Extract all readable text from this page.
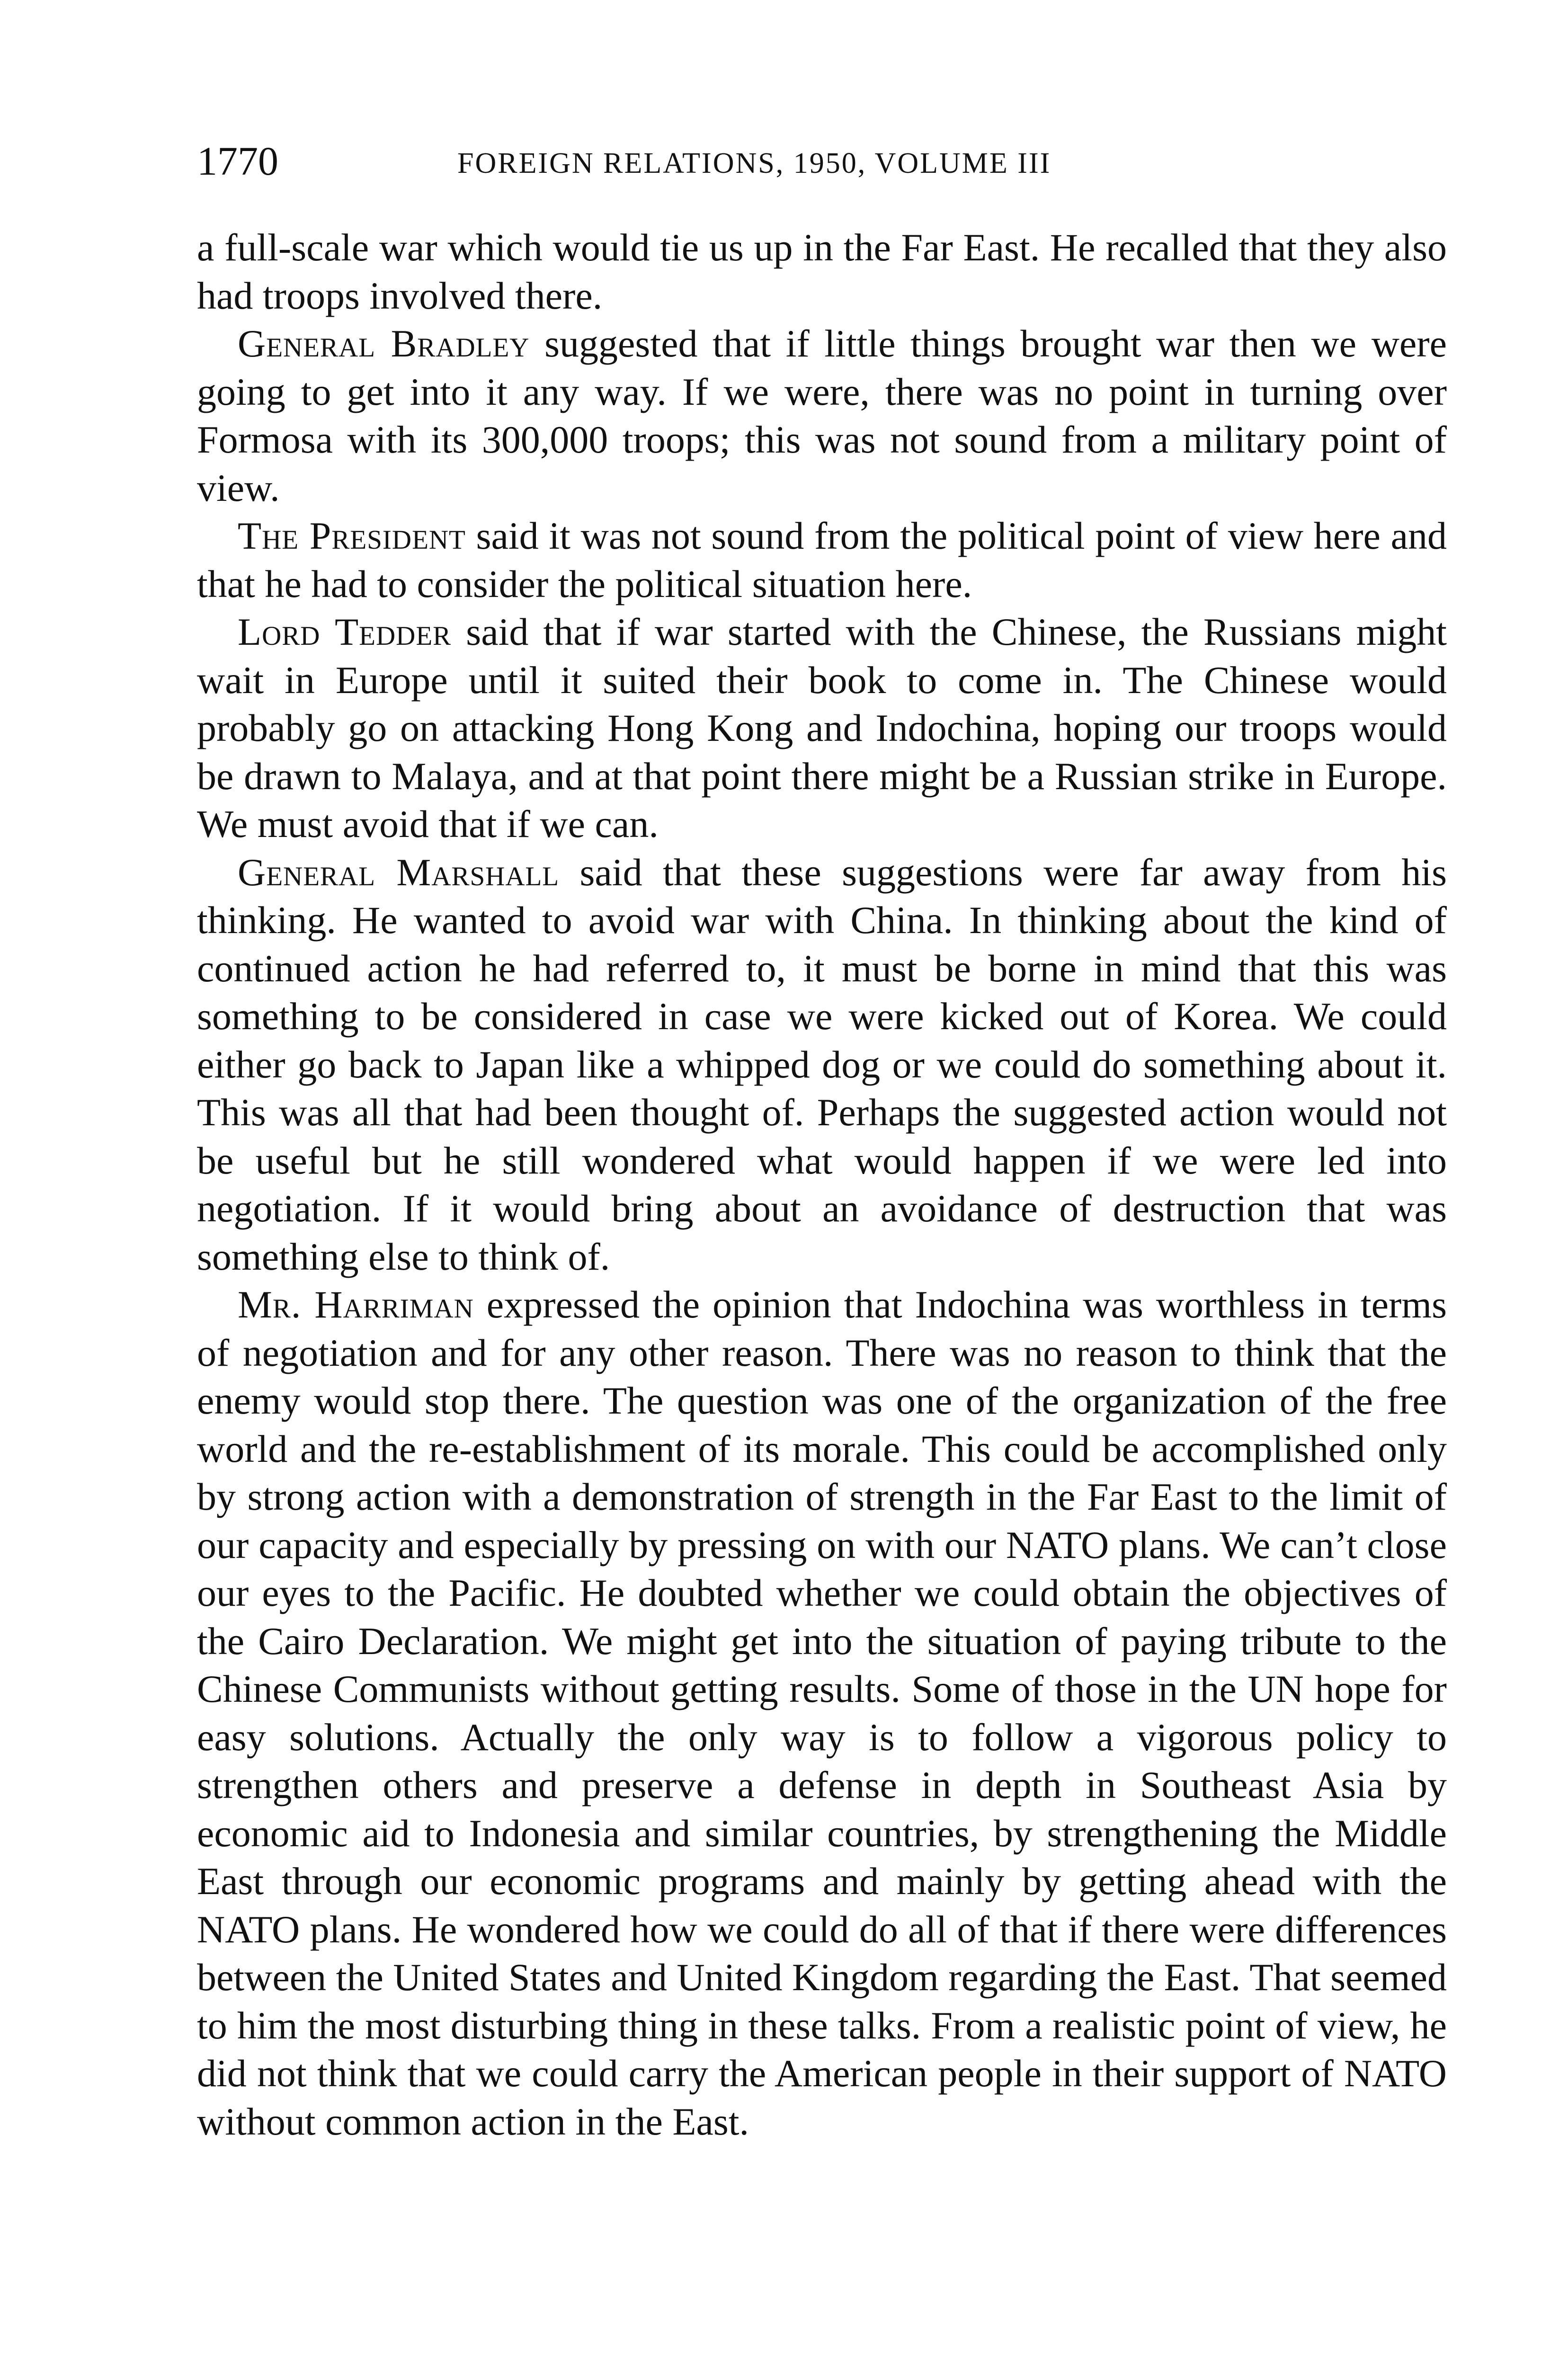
1770	FOREIGN RELATIONS, 1950, VOLUME III

a full-scale war which would tie us up in the Far East. He recalled that they also had troops involved there.

General Bradley suggested that if little things brought war then we were going to get into it any way. If we were, there was no point in turning over Formosa with its 300,000 troops; this was not sound from a military point of view.

The President said it was not sound from the political point of view here and that he had to consider the political situation here.

Lord Tedder said that if war started with the Chinese, the Russians might wait in Europe until it suited their book to come in. The Chinese would probably go on attacking Hong Kong and Indochina, hoping our troops would be drawn to Malaya, and at that point there might be a Russian strike in Europe. We must avoid that if we can.

General Marshall said that these suggestions were far away from his thinking. He wanted to avoid war with China. In thinking about the kind of continued action he had referred to, it must be borne in mind that this was something to be considered in case we were kicked out of Korea. We could either go back to Japan like a whipped dog or we could do something about it. This was all that had been thought of. Perhaps the suggested action would not be useful but he still wondered what would happen if we were led into negotiation. If it would bring about an avoidance of destruction that was something else to think of.

Mr. Harriman expressed the opinion that Indochina was worthless in terms of negotiation and for any other reason. There was no reason to think that the enemy would stop there. The question was one of the organization of the free world and the re-establishment of its morale. This could be accomplished only by strong action with a demonstration of strength in the Far East to the limit of our capacity and especially by pressing on with our NATO plans. We can’t close our eyes to the Pacific. He doubted whether we could obtain the objectives of the Cairo Declaration. We might get into the situation of paying tribute to the Chinese Communists without getting results. Some of those in the UN hope for easy solutions. Actually the only way is to follow a vigorous policy to strengthen others and preserve a defense in depth in Southeast Asia by economic aid to Indonesia and similar countries, by strengthening the Middle East through our economic programs and mainly by getting ahead with the NATO plans. He wondered how we could do all of that if there were differences between the United States and United Kingdom regarding the East. That seemed to him the most disturbing thing in these talks. From a realistic point of view, he did not think that we could carry the American people in their support of NATO without common action in the East.
